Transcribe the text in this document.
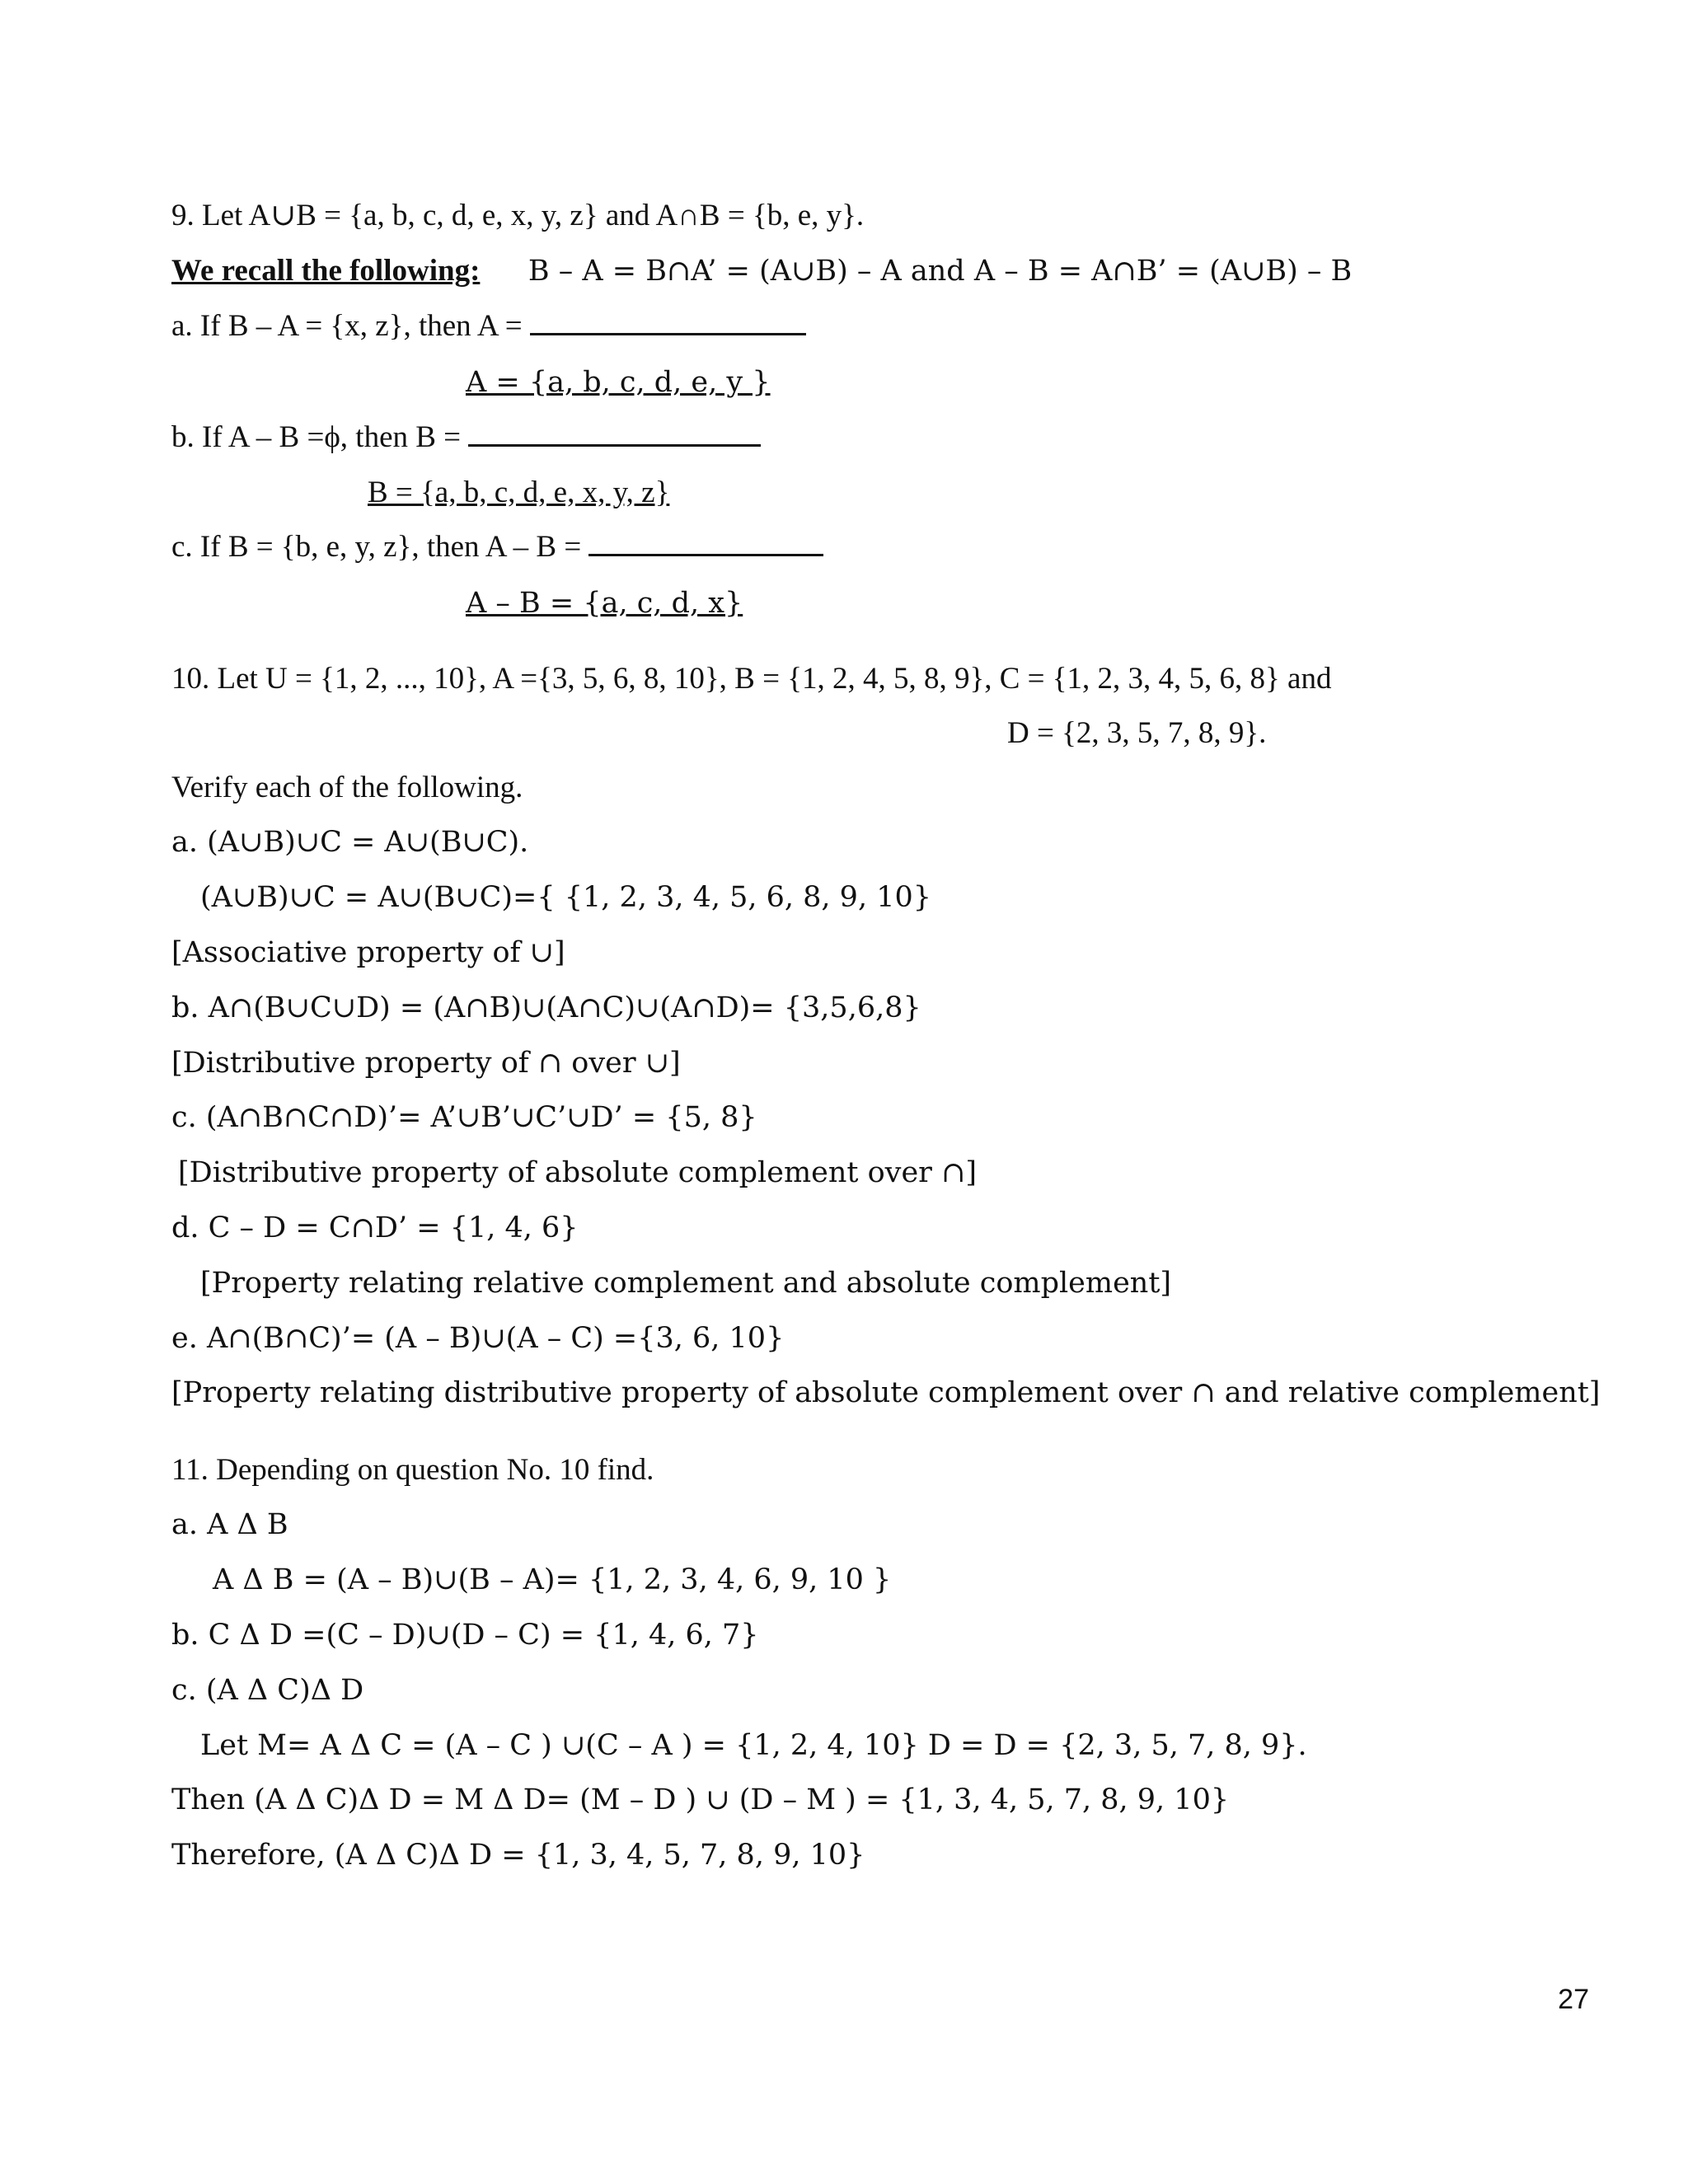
9. Let A∪B = {a, b, c, d, e, x, y, z} and A∩B = {b, e, y}.
We recall the following: B – A = B∩A’ = (A∪B) – A and A – B = A∩B’ = (A∪B) – B
a. If B – A = {x, z}, then A =
A = {a, b, c, d, e, y }
b. If A – B =ϕ, then B =
B = {a, b, c, d, e, x, y, z}
c. If B = {b, e, y, z}, then A – B =
A – B = {a, c, d, x}
10. Let U = {1, 2, ..., 10}, A ={3, 5, 6, 8, 10}, B = {1, 2, 4, 5, 8, 9}, C = {1, 2, 3, 4, 5, 6, 8} and
D = {2, 3, 5, 7, 8, 9}.
Verify each of the following.
a. (A∪B)∪C = A∪(B∪C).
(A∪B)∪C = A∪(B∪C)={ {1, 2, 3, 4, 5, 6, 8, 9, 10}
[Associative property of ∪]
b. A∩(B∪C∪D) = (A∩B)∪(A∩C)∪(A∩D)= {3,5,6,8}
[Distributive property of ∩ over ∪]
c. (A∩B∩C∩D)’= A’∪B’∪C’∪D’ = {5, 8}
[Distributive property of absolute complement over ∩]
d. C – D = C∩D’ = {1, 4, 6}
[Property relating relative complement and absolute complement]
e. A∩(B∩C)’= (A – B)∪(A – C) ={3, 6, 10}
[Property relating distributive property of absolute complement over ∩ and relative complement]
11. Depending on question No. 10 find.
a. A Δ B
A Δ B = (A – B)∪(B – A)= {1, 2, 3, 4, 6, 9, 10 }
b. C Δ D =(C – D)∪(D – C) = {1, 4, 6, 7}
c. (A Δ C)Δ D
Let M= A Δ C = (A – C ) ∪(C – A ) = {1, 2, 4, 10} D = D = {2, 3, 5, 7, 8, 9}.
Then (A Δ C)Δ D = M Δ D= (M – D ) ∪ (D – M ) = {1, 3, 4, 5, 7, 8, 9, 10}
Therefore, (A Δ C)Δ D = {1, 3, 4, 5, 7, 8, 9, 10}
27
